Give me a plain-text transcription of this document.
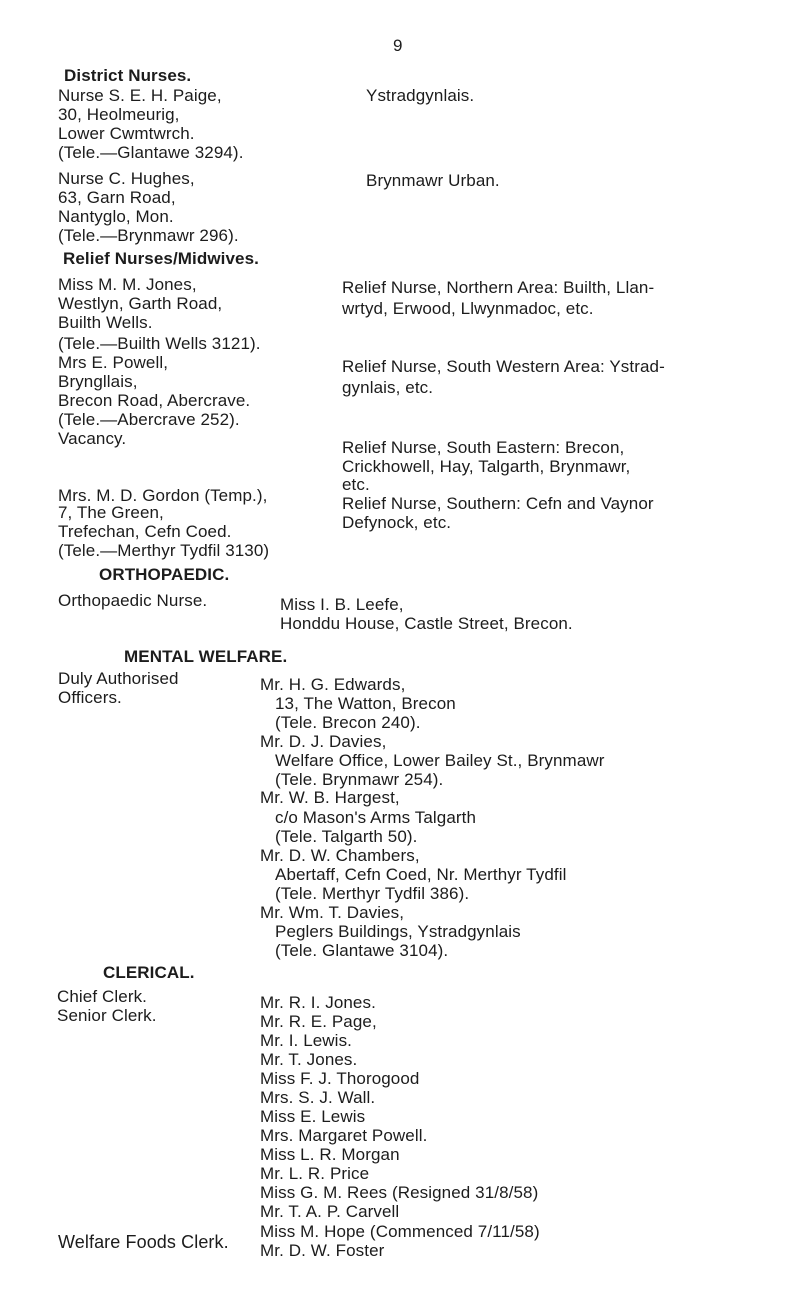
9
District Nurses.
Nurse S. E. H. Paige,
30, Heolmeurig,
Lower Cwmtwrch.
(Tele.—Glantawe 3294).
Ystradgynlais.
Nurse C. Hughes,
63, Garn Road,
Nantyglo, Mon.
(Tele.—Brynmawr 296).
Brynmawr Urban.
Relief Nurses/Midwives.
Miss M. M. Jones,
Westlyn, Garth Road,
Builth Wells.
(Tele.—Builth Wells 3121).
Relief Nurse, Northern Area: Builth, Llan-
wrtyd, Erwood, Llwynmadoc, etc.
Mrs E. Powell,
Bryngllais,
Brecon Road, Abercrave.
(Tele.—Abercrave 252).
Relief Nurse, South Western Area: Ystrad-
gynlais, etc.
Vacancy.	Relief Nurse, South Eastern: Brecon,
Crickhowell, Hay, Talgarth, Brynmawr,
etc.
Mrs. M. D. Gordon (Temp.),
7, The Green,
Trefechan, Cefn Coed.
(Tele.—Merthyr Tydfil 3130)
Relief Nurse, Southern: Cefn and Vaynor
Defynock, etc.
ORTHOPAEDIC.
Orthopaedic Nurse.	Miss I. B. Leefe,
Honddu House, Castle Street, Brecon.
MENTAL WELFARE.
Duly Authorised
Officers.
Mr. H. G. Edwards,
13, The Watton, Brecon
(Tele. Brecon 240).
Mr. D. J. Davies,
Welfare Office, Lower Bailey St., Brynmawr
(Tele. Brynmawr 254).
Mr. W. B. Hargest,
c/o Mason's Arms Talgarth
(Tele. Talgarth 50).
Mr. D. W. Chambers,
Abertaff, Cefn Coed, Nr. Merthyr Tydfil
(Tele. Merthyr Tydfil 386).
Mr. Wm. T. Davies,
Peglers Buildings, Ystradgynlais
(Tele. Glantawe 3104).
CLERICAL.
Chief Clerk.
Senior Clerk.
Mr. R. I. Jones.
Mr. R. E. Page,
Mr. I. Lewis.
Mr. T. Jones.
Miss F. J. Thorogood
Mrs. S. J. Wall.
Miss E. Lewis
Mrs. Margaret Powell.
Miss L. R. Morgan
Mr. L. R. Price
Miss G. M. Rees (Resigned 31/8/58)
Mr. T. A. P. Carvell
Miss M. Hope (Commenced 7/11/58)
Mr. D. W. Foster
Welfare Foods Clerk.
